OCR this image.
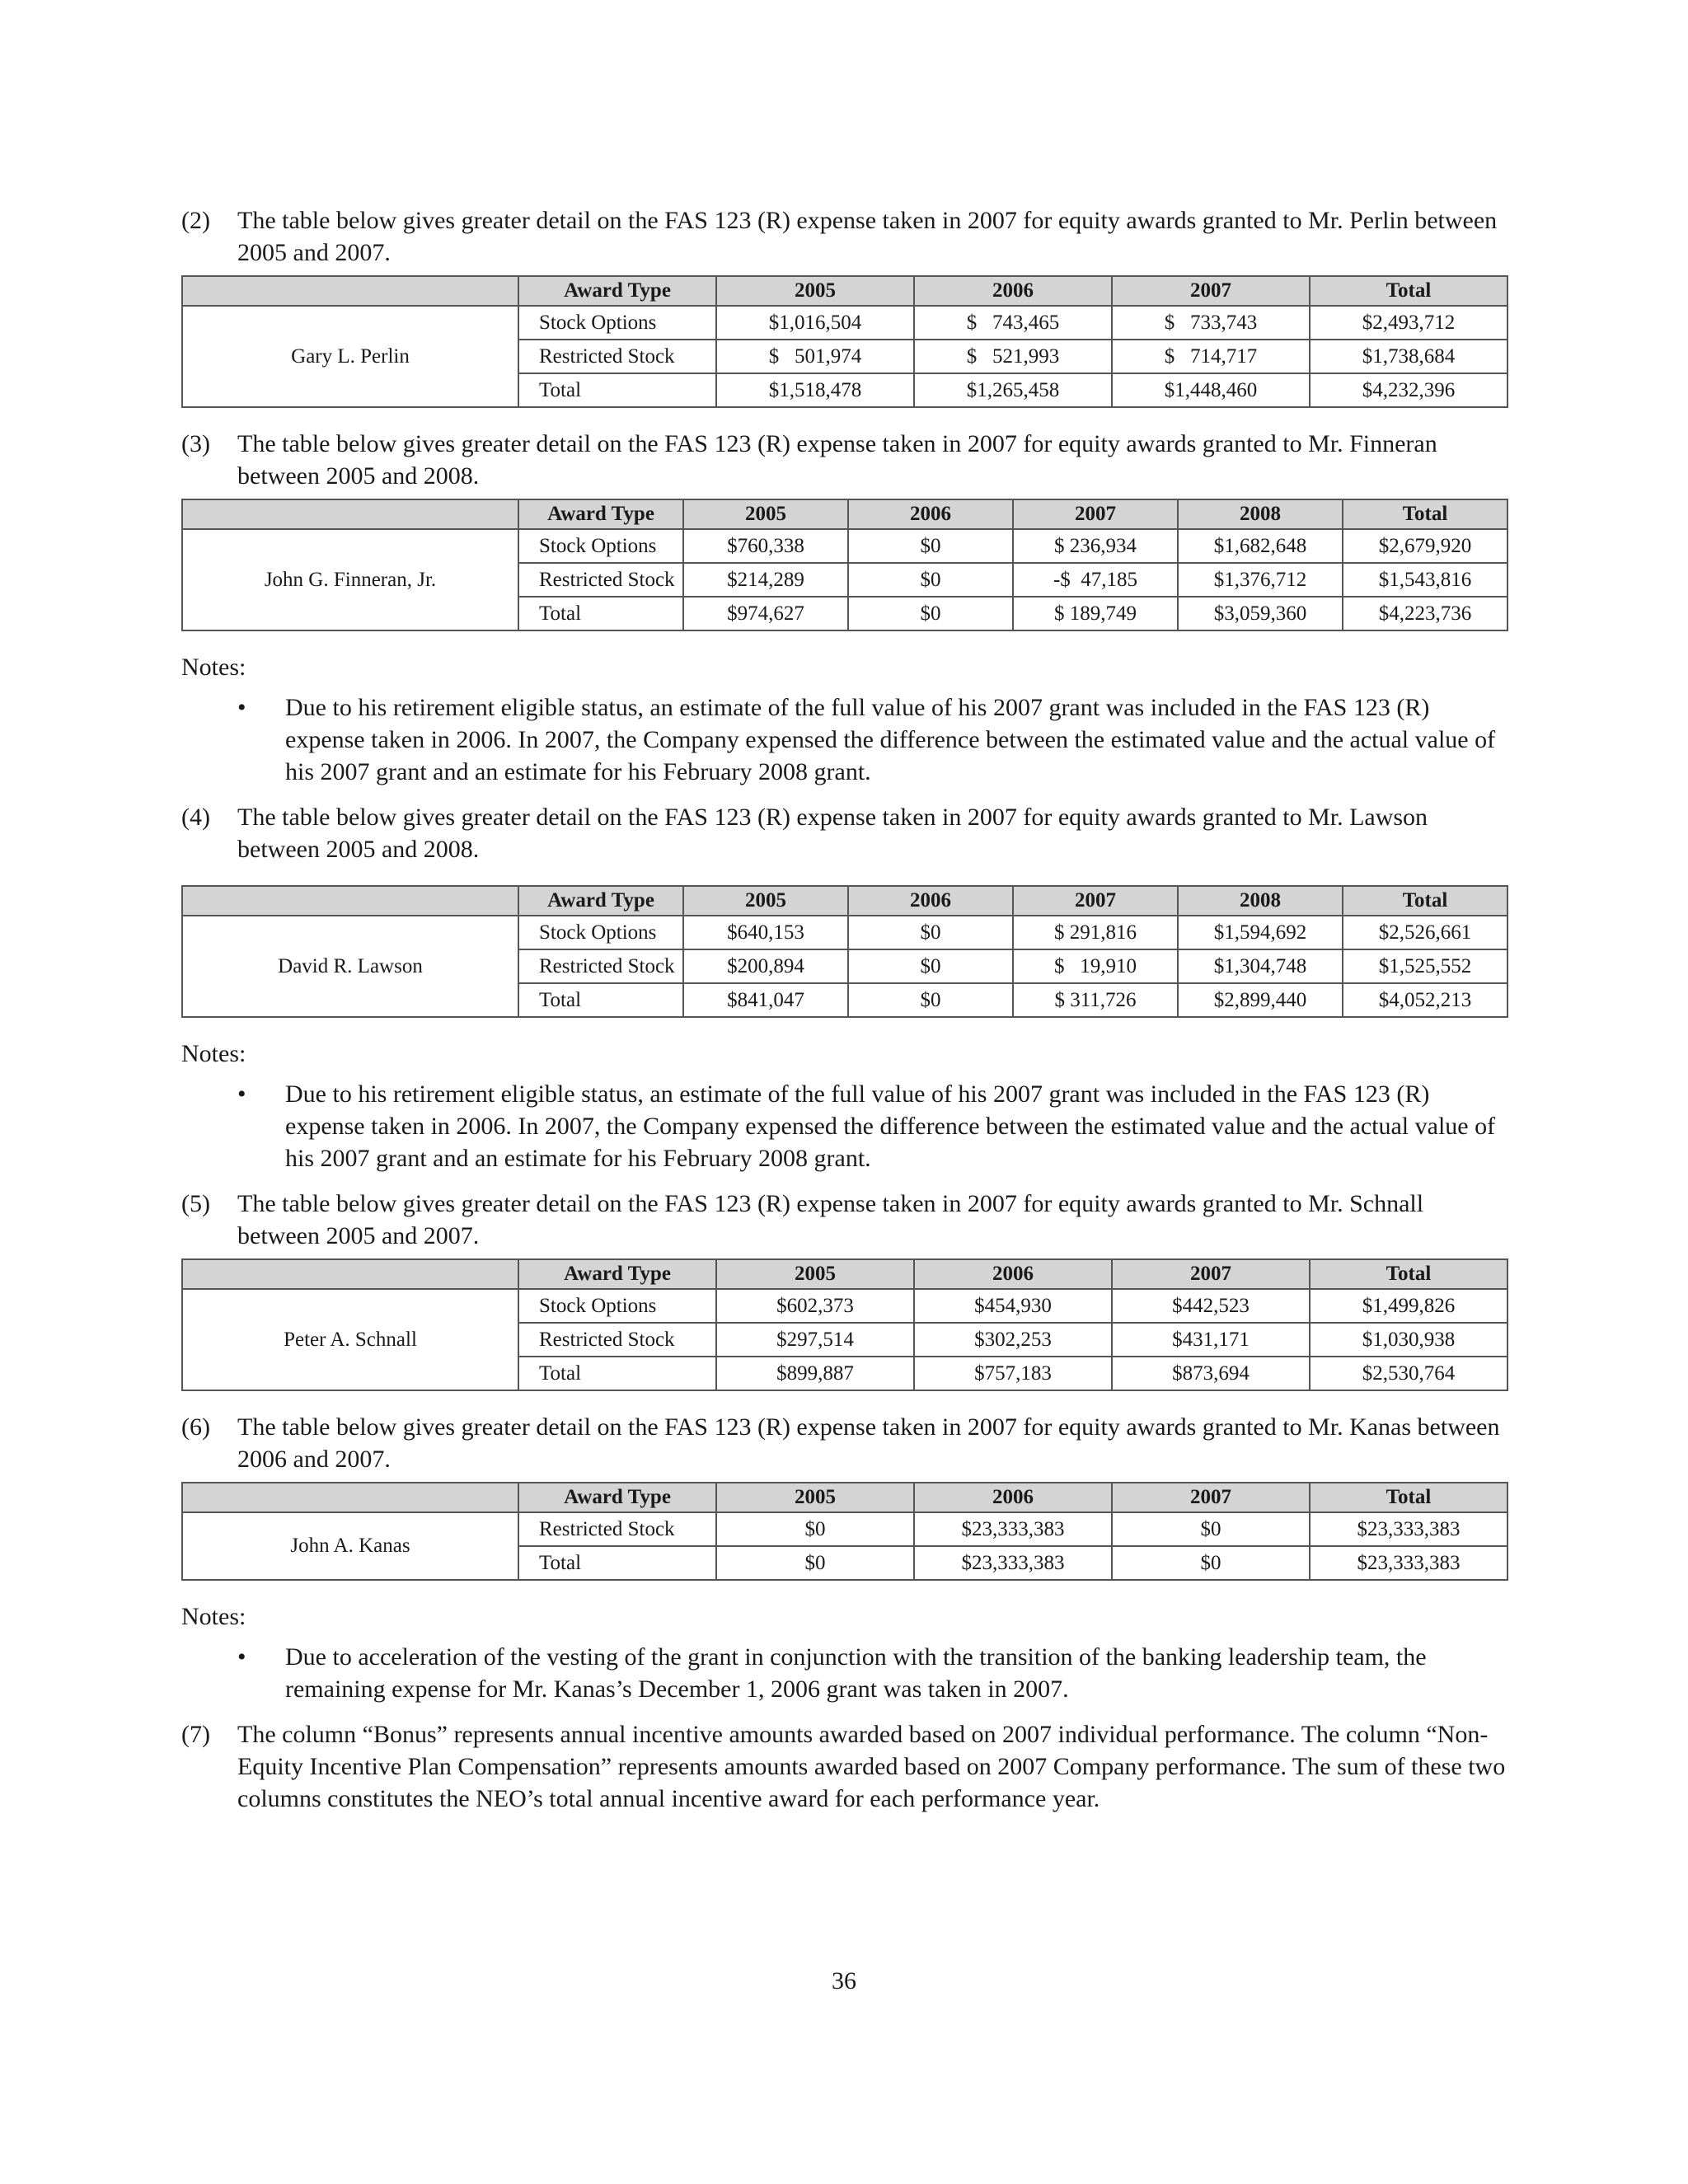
(2)	The table below gives greater detail on the FAS 123 (R) expense taken in 2007 for equity awards granted to Mr. Perlin between 2005 and 2007.

	Award Type	2005	2006	2007	Total
Gary L. Perlin	Stock Options	$1,016,504	$   743,465	$   733,743	$2,493,712
	Restricted Stock	$   501,974	$   521,993	$   714,717	$1,738,684
	Total	$1,518,478	$1,265,458	$1,448,460	$4,232,396

(3)	The table below gives greater detail on the FAS 123 (R) expense taken in 2007 for equity awards granted to Mr. Finneran between 2005 and 2008.

	Award Type	2005	2006	2007	2008	Total
John G. Finneran, Jr.	Stock Options	$760,338	$0	$ 236,934	$1,682,648	$2,679,920
	Restricted Stock	$214,289	$0	-$  47,185	$1,376,712	$1,543,816
	Total	$974,627	$0	$ 189,749	$3,059,360	$4,223,736

Notes:

•	Due to his retirement eligible status, an estimate of the full value of his 2007 grant was included in the FAS 123 (R) expense taken in 2006. In 2007, the Company expensed the difference between the estimated value and the actual value of his 2007 grant and an estimate for his February 2008 grant.

(4)	The table below gives greater detail on the FAS 123 (R) expense taken in 2007 for equity awards granted to Mr. Lawson between 2005 and 2008.

	Award Type	2005	2006	2007	2008	Total
David R. Lawson	Stock Options	$640,153	$0	$ 291,816	$1,594,692	$2,526,661
	Restricted Stock	$200,894	$0	$   19,910	$1,304,748	$1,525,552
	Total	$841,047	$0	$ 311,726	$2,899,440	$4,052,213

Notes:

•	Due to his retirement eligible status, an estimate of the full value of his 2007 grant was included in the FAS 123 (R) expense taken in 2006. In 2007, the Company expensed the difference between the estimated value and the actual value of his 2007 grant and an estimate for his February 2008 grant.

(5)	The table below gives greater detail on the FAS 123 (R) expense taken in 2007 for equity awards granted to Mr. Schnall between 2005 and 2007.

	Award Type	2005	2006	2007	Total
Peter A. Schnall	Stock Options	$602,373	$454,930	$442,523	$1,499,826
	Restricted Stock	$297,514	$302,253	$431,171	$1,030,938
	Total	$899,887	$757,183	$873,694	$2,530,764

(6)	The table below gives greater detail on the FAS 123 (R) expense taken in 2007 for equity awards granted to Mr. Kanas between 2006 and 2007.

	Award Type	2005	2006	2007	Total
John A. Kanas	Restricted Stock	$0	$23,333,383	$0	$23,333,383
	Total	$0	$23,333,383	$0	$23,333,383

Notes:

•	Due to acceleration of the vesting of the grant in conjunction with the transition of the banking leadership team, the remaining expense for Mr. Kanas’s December 1, 2006 grant was taken in 2007.

(7)	The column “Bonus” represents annual incentive amounts awarded based on 2007 individual performance. The column “Non-Equity Incentive Plan Compensation” represents amounts awarded based on 2007 Company performance. The sum of these two columns constitutes the NEO’s total annual incentive award for each performance year.

36
